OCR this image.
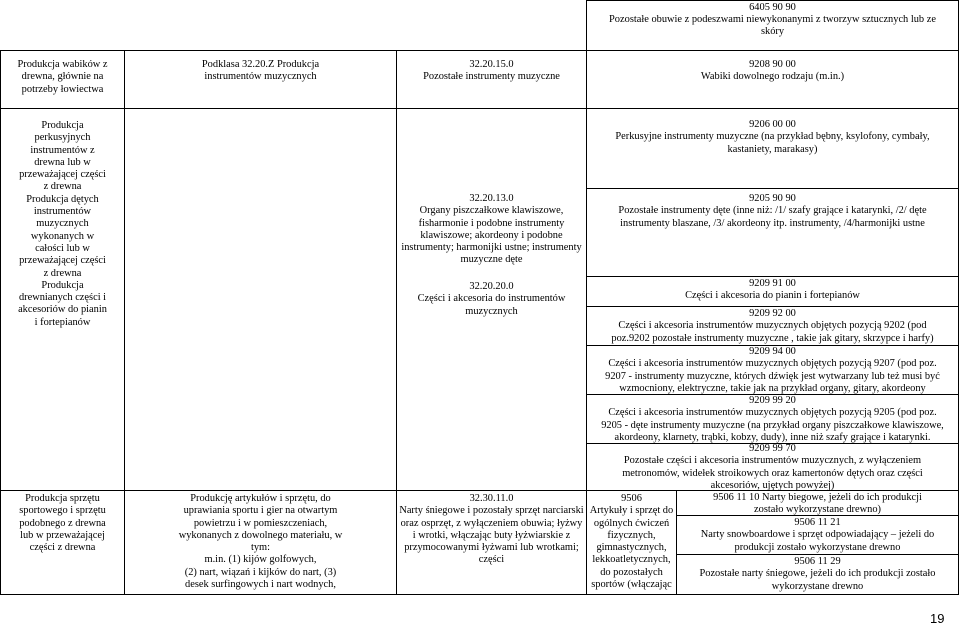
6405 90 90
Pozostałe obuwie z podeszwami niewykonanymi z tworzyw sztucznych lub ze
skóry
Produkcja wabików z
drewna, głównie na
potrzeby łowiectwa
Podklasa 32.20.Z Produkcja
instrumentów muzycznych
32.20.15.0
Pozostałe instrumenty muzyczne
9208 90 00
Wabiki dowolnego rodzaju (m.in.)
Produkcja
perkusyjnych
instrumentów z
drewna lub w
przeważającej części
z drewna
Produkcja dętych
instrumentów
muzycznych
wykonanych w
całości lub w
przeważającej części
z drewna
Produkcja
drewnianych części i
akcesoriów do pianin
i fortepianów
32.20.13.0
Organy piszczałkowe klawiszowe,
fisharmonie i podobne instrumenty
klawiszowe; akordeony i podobne
instrumenty; harmonijki ustne; instrumenty
muzyczne dęte
32.20.20.0
Części i akcesoria do instrumentów
muzycznych
9206 00 00
Perkusyjne instrumenty muzyczne (na przykład bębny, ksylofony, cymbały,
kastaniety, marakasy)
9205 90 90
Pozostałe instrumenty dęte (inne niż: /1/ szafy grające i katarynki, /2/ dęte
instrumenty blaszane, /3/ akordeony itp. instrumenty, /4/harmonijki ustne
9209 91 00
Części i akcesoria do pianin i fortepianów
9209 92 00
Części i akcesoria instrumentów muzycznych objętych pozycją 9202 (pod
poz.9202 pozostałe instrumenty muzyczne , takie jak gitary, skrzypce i harfy)
9209 94 00
Części i akcesoria instrumentów muzycznych objętych pozycją 9207 (pod poz.
9207 - instrumenty muzyczne, których dźwięk jest wytwarzany lub też musi być
wzmocniony, elektryczne, takie jak na przykład organy, gitary, akordeony
9209 99 20
Części i akcesoria instrumentów muzycznych objętych pozycją 9205 (pod poz.
9205 - dęte instrumenty muzyczne (na przykład organy piszczałkowe klawiszowe,
akordeony, klarnety, trąbki, kobzy, dudy), inne niż szafy grające i katarynki.
9209 99 70
Pozostałe części i akcesoria instrumentów muzycznych, z wyłączeniem
metronomów, widełek stroikowych oraz kamertonów dętych oraz części
akcesoriów, ujętych powyżej)
Produkcja sprzętu
sportowego i sprzętu
podobnego z drewna
lub w przeważającej
części z drewna
Produkcję artykułów i sprzętu, do
uprawiania sportu i gier na otwartym
powietrzu i w pomieszczeniach,
wykonanych z dowolnego materiału, w
tym:
m.in. (1) kijów golfowych,
(2) nart, wiązań i kijków do nart, (3)
desek surfingowych i nart wodnych,
32.30.11.0
Narty śniegowe i pozostały sprzęt narciarski
oraz osprzęt, z wyłączeniem obuwia; łyżwy
i wrotki, włączając buty łyżwiarskie z
przymocowanymi łyżwami lub wrotkami;
części
9506
Artykuły i sprzęt do
ogólnych ćwiczeń
fizycznych,
gimnastycznych,
lekkoatletycznych,
do pozostałych
sportów (włączając
9506 11 10 Narty biegowe, jeżeli do ich produkcji
zostało wykorzystane drewno)
9506 11 21
Narty snowboardowe i sprzęt odpowiadający – jeżeli do
produkcji zostało wykorzystane drewno
9506 11 29
Pozostałe narty śniegowe, jeżeli do ich produkcji zostało
wykorzystane drewno
19
